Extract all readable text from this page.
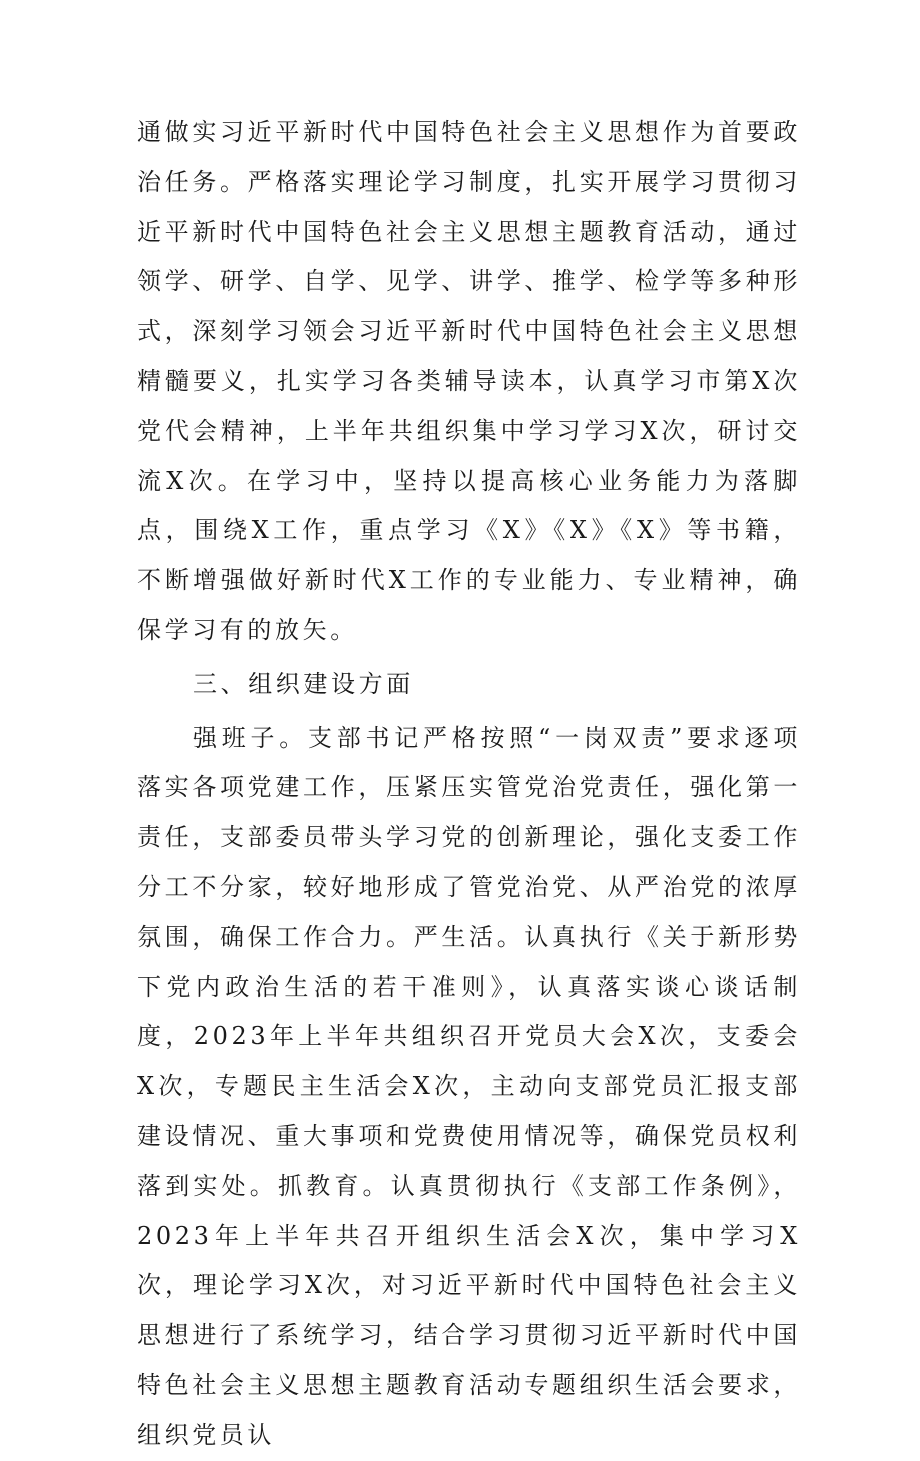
通做实习近平新时代中国特色社会主义思想作为首要政治任务。严格落实理论学习制度，扎实开展学习贯彻习近平新时代中国特色社会主义思想主题教育活动，通过领学、研学、自学、见学、讲学、推学、检学等多种形式，深刻学习领会习近平新时代中国特色社会主义思想精髓要义，扎实学习各类辅导读本，认真学习市第X次党代会精神，上半年共组织集中学习学习X次，研讨交流X次。在学习中，坚持以提高核心业务能力为落脚点，围绕X工作，重点学习《X》《X》《X》等书籍，不断增强做好新时代X工作的专业能力、专业精神，确保学习有的放矢。

三、组织建设方面

强班子。支部书记严格按照“一岗双责”要求逐项落实各项党建工作，压紧压实管党治党责任，强化第一责任，支部委员带头学习党的创新理论，强化支委工作分工不分家，较好地形成了管党治党、从严治党的浓厚氛围，确保工作合力。严生活。认真执行《关于新形势下党内政治生活的若干准则》，认真落实谈心谈话制度，2023年上半年共组织召开党员大会X次，支委会X次，专题民主生活会X次，主动向支部党员汇报支部建设情况、重大事项和党费使用情况等，确保党员权利落到实处。抓教育。认真贯彻执行《支部工作条例》，2023年上半年共召开组织生活会X次，集中学习X次，理论学习X次，对习近平新时代中国特色社会主义思想进行了系统学习，结合学习贯彻习近平新时代中国特色社会主义思想主题教育活动专题组织生活会要求，组织党员认
